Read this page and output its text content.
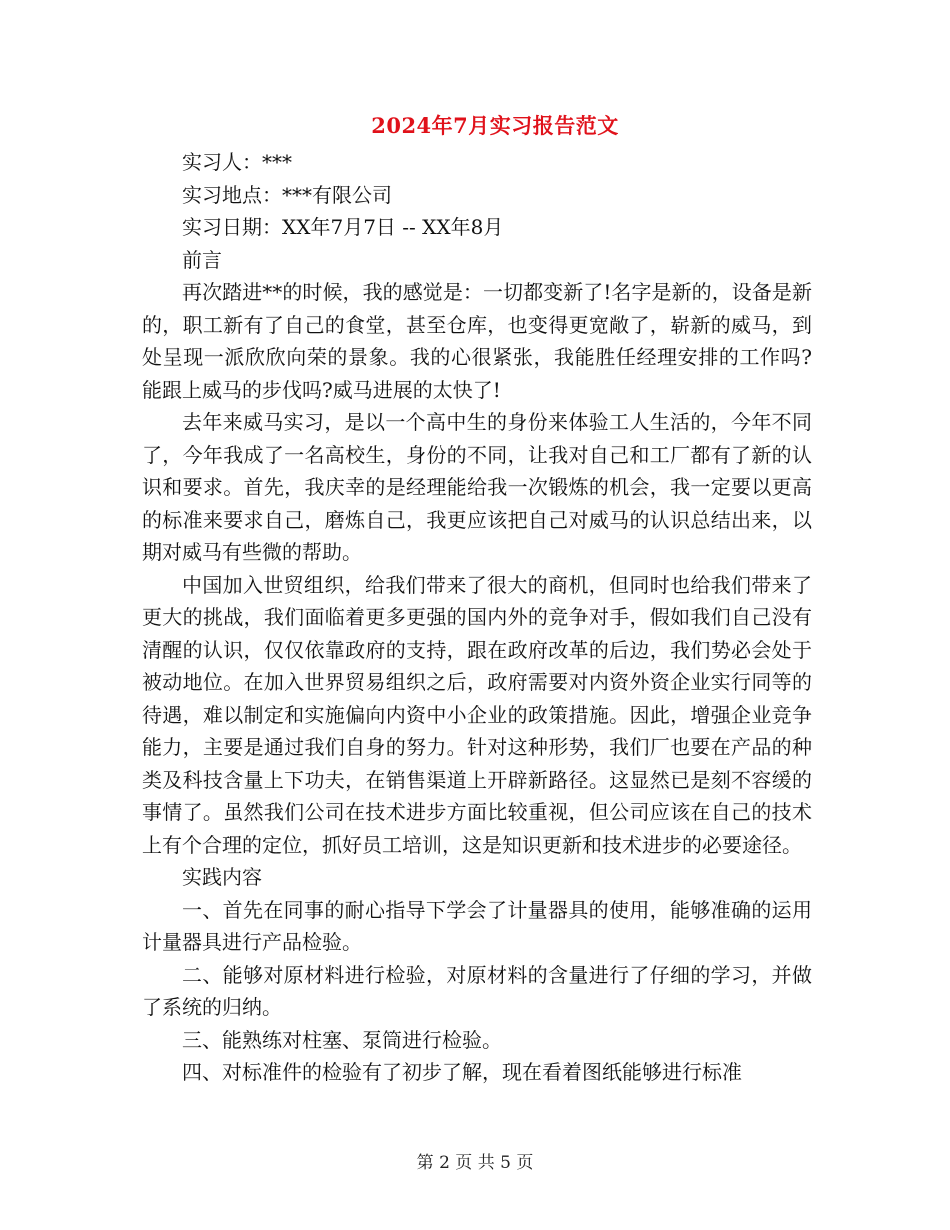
2024年7月实习报告范文

实习人：***

实习地点：***有限公司

实习日期：XX年7月7日 -- XX年8月

前言

再次踏进**的时候，我的感觉是：一切都变新了!名字是新的，设备是新的，职工新有了自己的食堂，甚至仓库，也变得更宽敞了，崭新的威马，到处呈现一派欣欣向荣的景象。我的心很紧张，我能胜任经理安排的工作吗?能跟上威马的步伐吗?威马进展的太快了!

去年来威马实习，是以一个高中生的身份来体验工人生活的，今年不同了，今年我成了一名高校生，身份的不同，让我对自己和工厂都有了新的认识和要求。首先，我庆幸的是经理能给我一次锻炼的机会，我一定要以更高的标准来要求自己，磨炼自己，我更应该把自己对威马的认识总结出来，以期对威马有些微的帮助。

中国加入世贸组织，给我们带来了很大的商机，但同时也给我们带来了更大的挑战，我们面临着更多更强的国内外的竞争对手，假如我们自己没有清醒的认识，仅仅依靠政府的支持，跟在政府改革的后边，我们势必会处于被动地位。在加入世界贸易组织之后，政府需要对内资外资企业实行同等的待遇，难以制定和实施偏向内资中小企业的政策措施。因此，增强企业竞争能力，主要是通过我们自身的努力。针对这种形势，我们厂也要在产品的种类及科技含量上下功夫，在销售渠道上开辟新路径。这显然已是刻不容缓的事情了。虽然我们公司在技术进步方面比较重视，但公司应该在自己的技术上有个合理的定位，抓好员工培训，这是知识更新和技术进步的必要途径。

实践内容

一、首先在同事的耐心指导下学会了计量器具的使用，能够准确的运用计量器具进行产品检验。

二、能够对原材料进行检验，对原材料的含量进行了仔细的学习，并做了系统的归纳。

三、能熟练对柱塞、泵筒进行检验。

四、对标准件的检验有了初步了解，现在看着图纸能够进行标准

第 2 页 共 5 页
